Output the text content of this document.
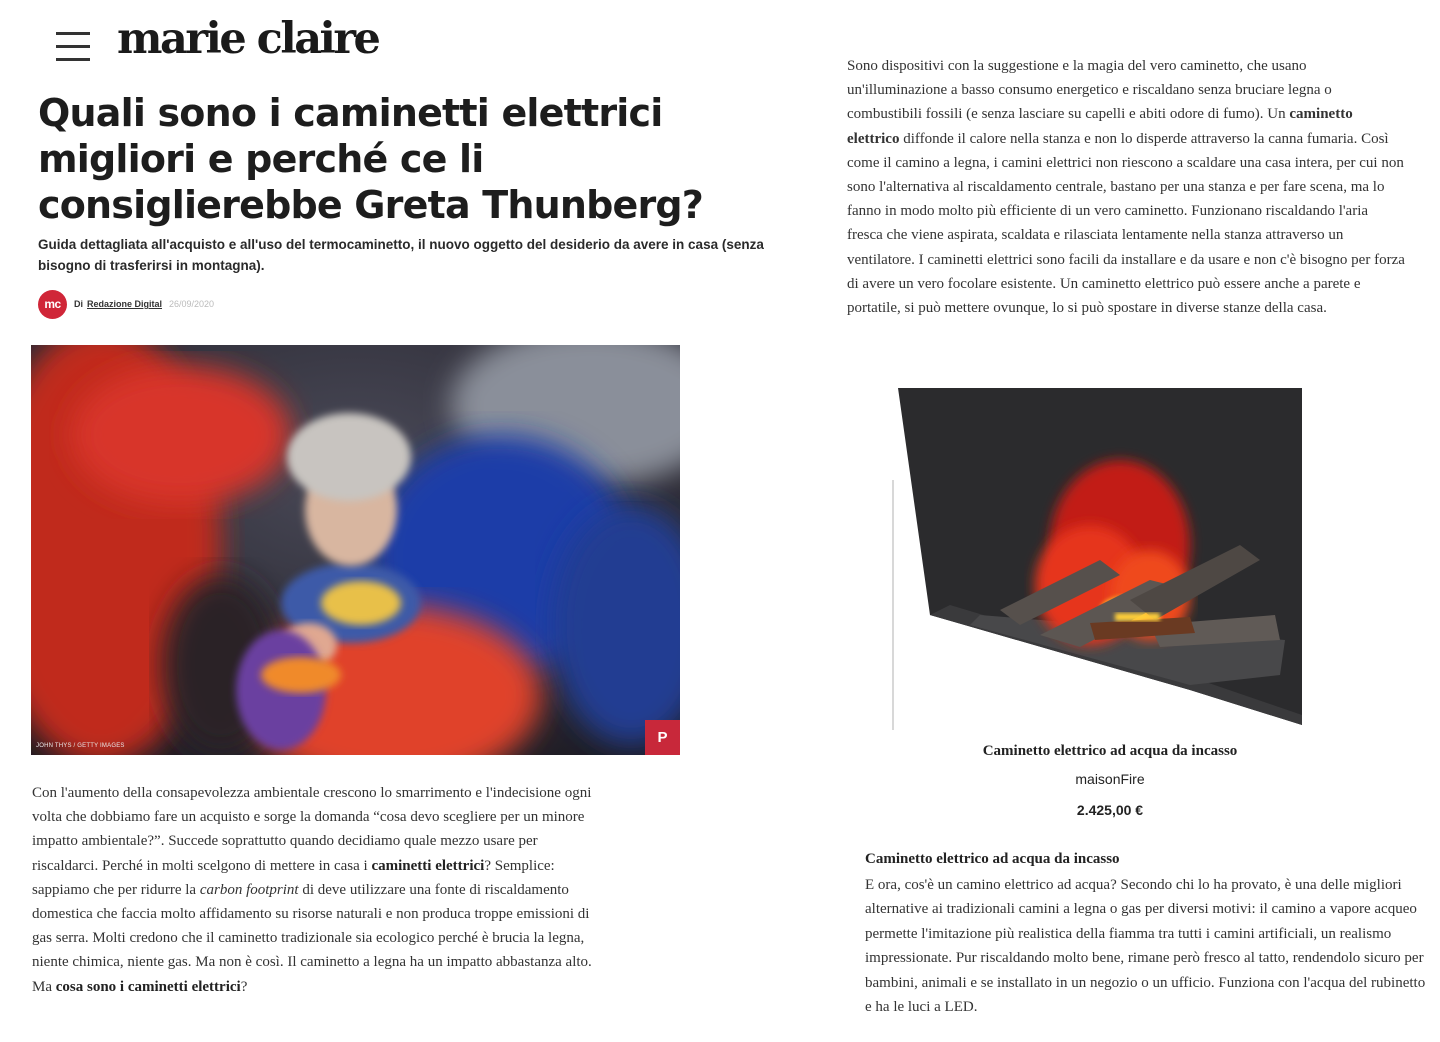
marie claire
Quali sono i caminetti elettrici migliori e perché ce li consiglierebbe Greta Thunberg?

Guida dettagliata all'acquisto e all'uso del termocaminetto, il nuovo oggetto del desiderio da avere in casa (senza bisogno di trasferirsi in montagna).

mc	Di Redazione Digital 26/09/2020
JOHN THYS / GETTY IMAGES	P

Con l'aumento della consapevolezza ambientale crescono lo smarrimento e l'indecisione ogni volta che dobbiamo fare un acquisto e sorge la domanda “cosa devo scegliere per un minore impatto ambientale?”. Succede soprattutto quando decidiamo quale mezzo usare per riscaldarci. Perché in molti scelgono di mettere in casa i caminetti elettrici? Semplice: sappiamo che per ridurre la carbon footprint di deve utilizzare una fonte di riscaldamento domestica che faccia molto affidamento su risorse naturali e non produca troppe emissioni di gas serra. Molti credono che il caminetto tradizionale sia ecologico perché è brucia la legna, niente chimica, niente gas. Ma non è così. Il caminetto a legna ha un impatto abbastanza alto. Ma cosa sono i caminetti elettrici?

Sono dispositivi con la suggestione e la magia del vero caminetto, che usano un'illuminazione a basso consumo energetico e riscaldano senza bruciare legna o combustibili fossili (e senza lasciare su capelli e abiti odore di fumo). Un caminetto elettrico diffonde il calore nella stanza e non lo disperde attraverso la canna fumaria. Così come il camino a legna, i camini elettrici non riescono a scaldare una casa intera, per cui non sono l'alternativa al riscaldamento centrale, bastano per una stanza e per fare scena, ma lo fanno in modo molto più efficiente di un vero caminetto. Funzionano riscaldando l'aria fresca che viene aspirata, scaldata e rilasciata lentamente nella stanza attraverso un ventilatore. I caminetti elettrici sono facili da installare e da usare e non c'è bisogno per forza di avere un vero focolare esistente. Un caminetto elettrico può essere anche a parete e portatile, si può mettere ovunque, lo si può spostare in diverse stanze della casa.

Caminetto elettrico ad acqua da incasso
maisonFire
2.425,00 €
Caminetto elettrico ad acqua da incasso

E ora, cos'è un camino elettrico ad acqua? Secondo chi lo ha provato, è una delle migliori alternative ai tradizionali camini a legna o gas per diversi motivi: il camino a vapore acqueo permette l'imitazione più realistica della fiamma tra tutti i camini artificiali, un realismo impressionate. Pur riscaldando molto bene, rimane però fresco al tatto, rendendolo sicuro per bambini, animali e se installato in un negozio o un ufficio. Funziona con l'acqua del rubinetto e ha le luci a LED.
